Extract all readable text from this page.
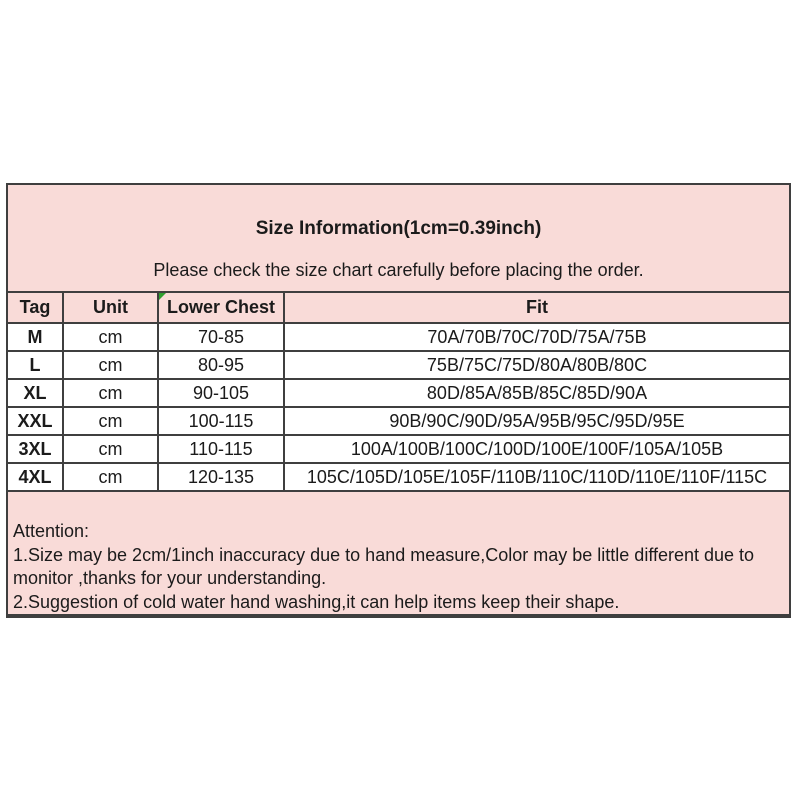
Size Information(1cm=0.39inch)
Please check the size chart carefully before placing the order.
Tag	Unit	Lower Chest	Fit
M	cm	70-85	70A/70B/70C/70D/75A/75B
L	cm	80-95	75B/75C/75D/80A/80B/80C
XL	cm	90-105	80D/85A/85B/85C/85D/90A
XXL	cm	100-115	90B/90C/90D/95A/95B/95C/95D/95E
3XL	cm	110-115	100A/100B/100C/100D/100E/100F/105A/105B
4XL	cm	120-135	105C/105D/105E/105F/110B/110C/110D/110E/110F/115C
Attention:
1.Size may be 2cm/1inch inaccuracy due to hand measure,Color may be little different due to
monitor ,thanks for your understanding.
2.Suggestion of cold water hand washing,it can help items keep their shape.
